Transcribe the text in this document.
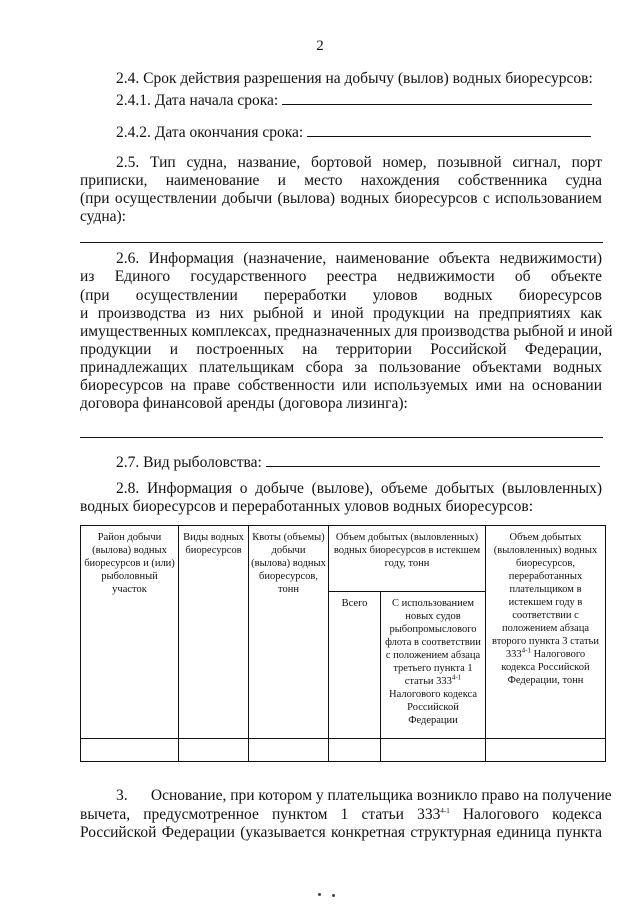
2
2.4. Срок действия разрешения на добычу (вылов) водных биоресурсов:
2.4.1. Дата начала срока:
2.4.2. Дата окончания срока:
2.5. Тип судна, название, бортовой номер, позывной сигнал, порт
приписки, наименование и место нахождения собственника судна
(при осуществлении добычи (вылова) водных биоресурсов с использованием
судна):
2.6. Информация (назначение, наименование объекта недвижимости)
из Единого государственного реестра недвижимости об объекте
(при осуществлении переработки уловов водных биоресурсов
и производства из них рыбной и иной продукции на предприятиях как
имущественных комплексах, предназначенных для производства рыбной и иной
продукции и построенных на территории Российской Федерации,
принадлежащих плательщикам сбора за пользование объектами водных
биоресурсов на праве собственности или используемых ими на основании
договора финансовой аренды (договора лизинга):
2.7. Вид рыболовства:
2.8. Информация о добыче (вылове), объеме добытых (выловленных)
водных биоресурсов и переработанных уловов водных биоресурсов:
Район добычи (вылова) водных биоресурсов и (или) рыболовный участок	Виды водных биоресурсов	Квоты (объемы) добычи (вылова) водных биоресурсов, тонн	Объем добытых (выловленных) водных биоресурсов в истекшем году, тонн		Объем добытых (выловленных) водных биоресурсов, переработанных плательщиком в истекшем году в соответствии с положением абзаца второго пункта 3 статьи 333$^{4-1}$ Налогового кодекса Российской Федерации, тонн
			Всего	С использованием новых судов рыбопромыслового флота в соответствии с положением абзаца третьего пункта 1 статьи 333$^{4-1}$ Налогового кодекса Российской Федерации	

3.      Основание, при котором у плательщика возникло право на получение
вычета, предусмотренное пунктом 1 статьи 333$^{4-1}$ Налогового кодекса
Российской Федерации (указывается конкретная структурная единица пункта
